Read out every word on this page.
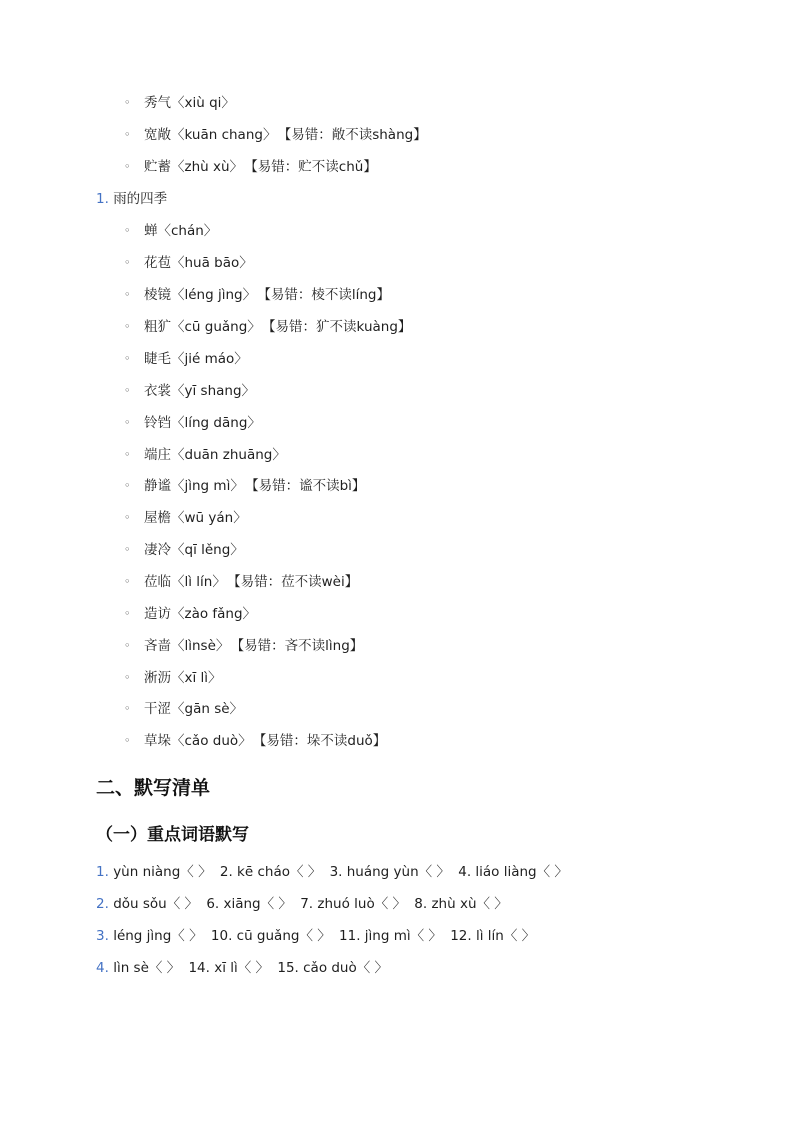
◦ 秀气〈xiù qi〉
◦ 宽敞〈kuān chang〉 【易错：敞不读shàng】
◦ 贮蓄〈zhù xù〉 【易错：贮不读chǔ】
1. 雨的四季
◦ 蝉〈chán〉
◦ 花苞〈huā bāo〉
◦ 棱镜〈léng jìng〉 【易错：棱不读líng】
◦ 粗犷〈cū guǎng〉 【易错：犷不读kuàng】
◦ 睫毛〈jié máo〉
◦ 衣裳〈yī shang〉
◦ 铃铛〈líng dāng〉
◦ 端庄〈duān zhuāng〉
◦ 静谧〈jìng mì〉 【易错：谧不读bì】
◦ 屋檐〈wū yán〉
◦ 凄冷〈qī lěng〉
◦ 莅临〈lì lín〉 【易错：莅不读wèi】
◦ 造访〈zào fǎng〉
◦ 吝啬〈lìnsè〉 【易错：吝不读lìng】
◦ 淅沥〈xī lì〉
◦ 干涩〈gān sè〉
◦ 草垛〈cǎo duò〉 【易错：垛不读duǒ】
二、默写清单
（一）重点词语默写
1. yùn niàng〈 〉 2. kē cháo〈 〉 3. huáng yùn〈 〉 4. liáo liàng〈 〉
2. dǒu sǒu〈 〉 6. xiāng〈 〉 7. zhuó luò〈 〉 8. zhù xù〈 〉
3. léng jìng〈 〉 10. cū guǎng〈 〉 11. jìng mì〈 〉 12. lì lín〈 〉
4. lìn sè〈 〉 14. xī lì〈 〉 15. cǎo duò〈 〉
